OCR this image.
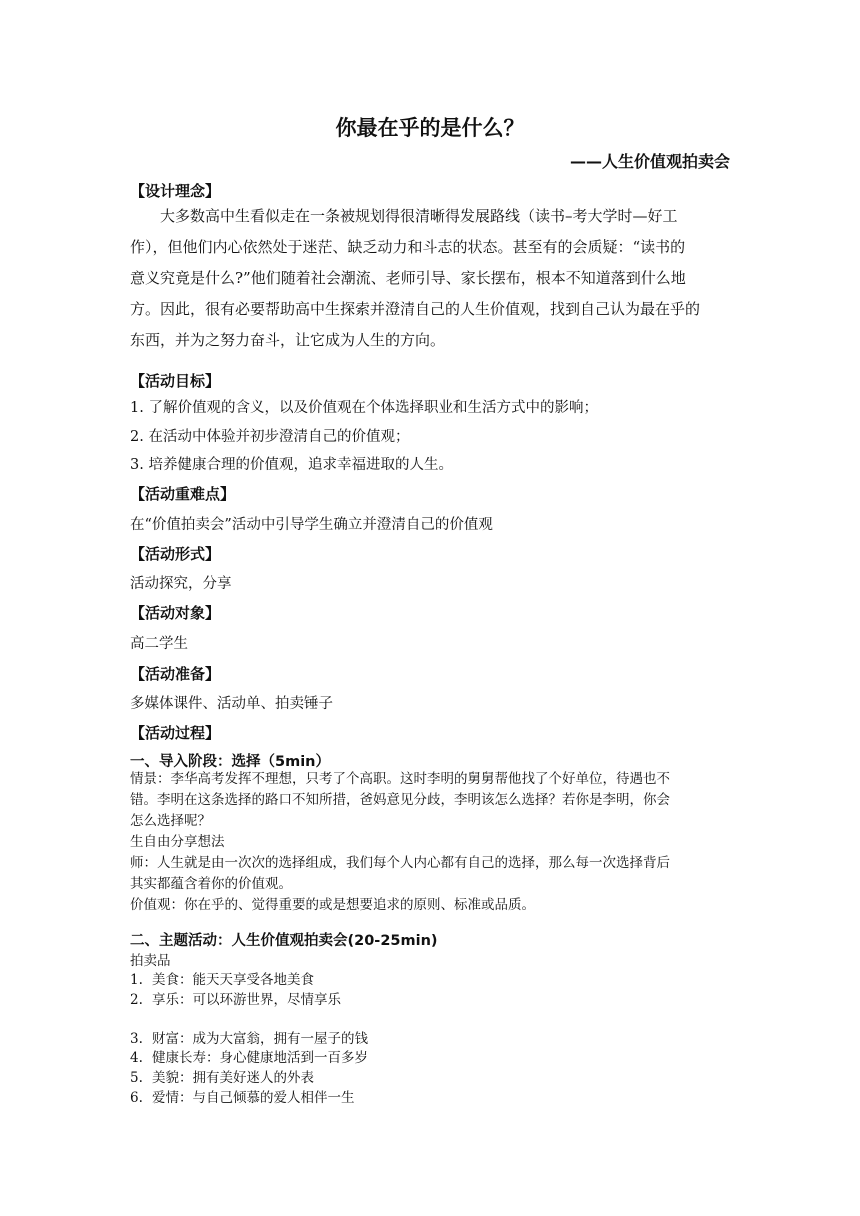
你最在乎的是什么？
——人生价值观拍卖会
【设计理念】
大多数高中生看似走在一条被规划得很清晰得发展路线（读书–考大学时—好工
作），但他们内心依然处于迷茫、缺乏动力和斗志的状态。甚至有的会质疑：“读书的
意义究竟是什么?”他们随着社会潮流、老师引导、家长摆布，根本不知道落到什么地
方。因此，很有必要帮助高中生探索并澄清自己的人生价值观，找到自己认为最在乎的
东西，并为之努力奋斗，让它成为人生的方向。
【活动目标】
1. 了解价值观的含义，以及价值观在个体选择职业和生活方式中的影响；
2. 在活动中体验并初步澄清自己的价值观；
3. 培养健康合理的价值观，追求幸福进取的人生。
【活动重难点】
在“价值拍卖会”活动中引导学生确立并澄清自己的价值观
【活动形式】
活动探究，分享
【活动对象】
高二学生
【活动准备】
多媒体课件、活动单、拍卖锤子
【活动过程】
一、导入阶段：选择（5min）
情景：李华高考发挥不理想，只考了个高职。这时李明的舅舅帮他找了个好单位，待遇也不
错。李明在这条选择的路口不知所措，爸妈意见分歧，李明该怎么选择？若你是李明，你会
怎么选择呢？
生自由分享想法
师：人生就是由一次次的选择组成，我们每个人内心都有自己的选择，那么每一次选择背后
其实都蕴含着你的价值观。
价值观：你在乎的、觉得重要的或是想要追求的原则、标准或品质。
二、主题活动：人生价值观拍卖会(20-25min)
拍卖品
1. 美食：能天天享受各地美食
2. 享乐：可以环游世界，尽情享乐
3. 财富：成为大富翁，拥有一屋子的钱
4. 健康长寿：身心健康地活到一百多岁
5. 美貌：拥有美好迷人的外表
6. 爱情：与自己倾慕的爱人相伴一生
